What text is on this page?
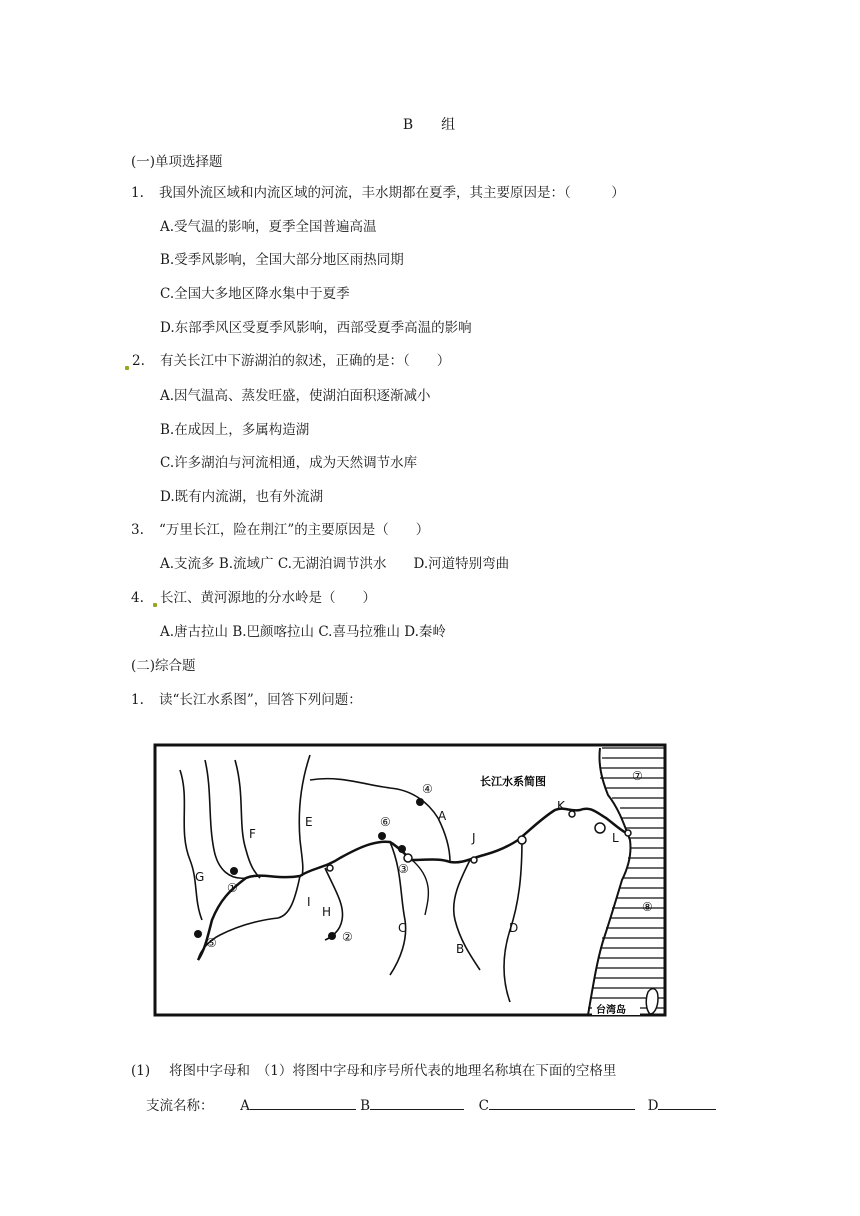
B 组
(一)单项选择题
1. 我国外流区域和内流区域的河流，丰水期都在夏季，其主要原因是：（　　　）
A.受气温的影响，夏季全国普遍高温
B.受季风影响，全国大部分地区雨热同期
C.全国大多地区降水集中于夏季
D.东部季风区受夏季风影响，西部受夏季高温的影响
2. 有关长江中下游湖泊的叙述，正确的是：（　　）
A.因气温高、蒸发旺盛，使湖泊面积逐渐减小
B.在成因上，多属构造湖
C.许多湖泊与河流相通，成为天然调节水库
D.既有内流湖，也有外流湖
3. “万里长江，险在荆江”的主要原因是（　　）
A.支流多 B.流域广 C.无湖泊调节洪水　　D.河道特别弯曲
4. 长江、黄河源地的分水岭是（　　）
A.唐古拉山 B.巴颜喀拉山 C.喜马拉雅山 D.秦岭
(二)综合题
1. 读“长江水系图”，回答下列问题：
长江水系简图
A
B
C	D
E
F
G
H
I
J
K
L
①
②
③
④
⑤
⑥
⑦
⑧
台湾岛
(1) 将图中字母和　（1）将图中字母和序号所代表的地理名称填在下面的空格里
支流名称： A	B	C	D
